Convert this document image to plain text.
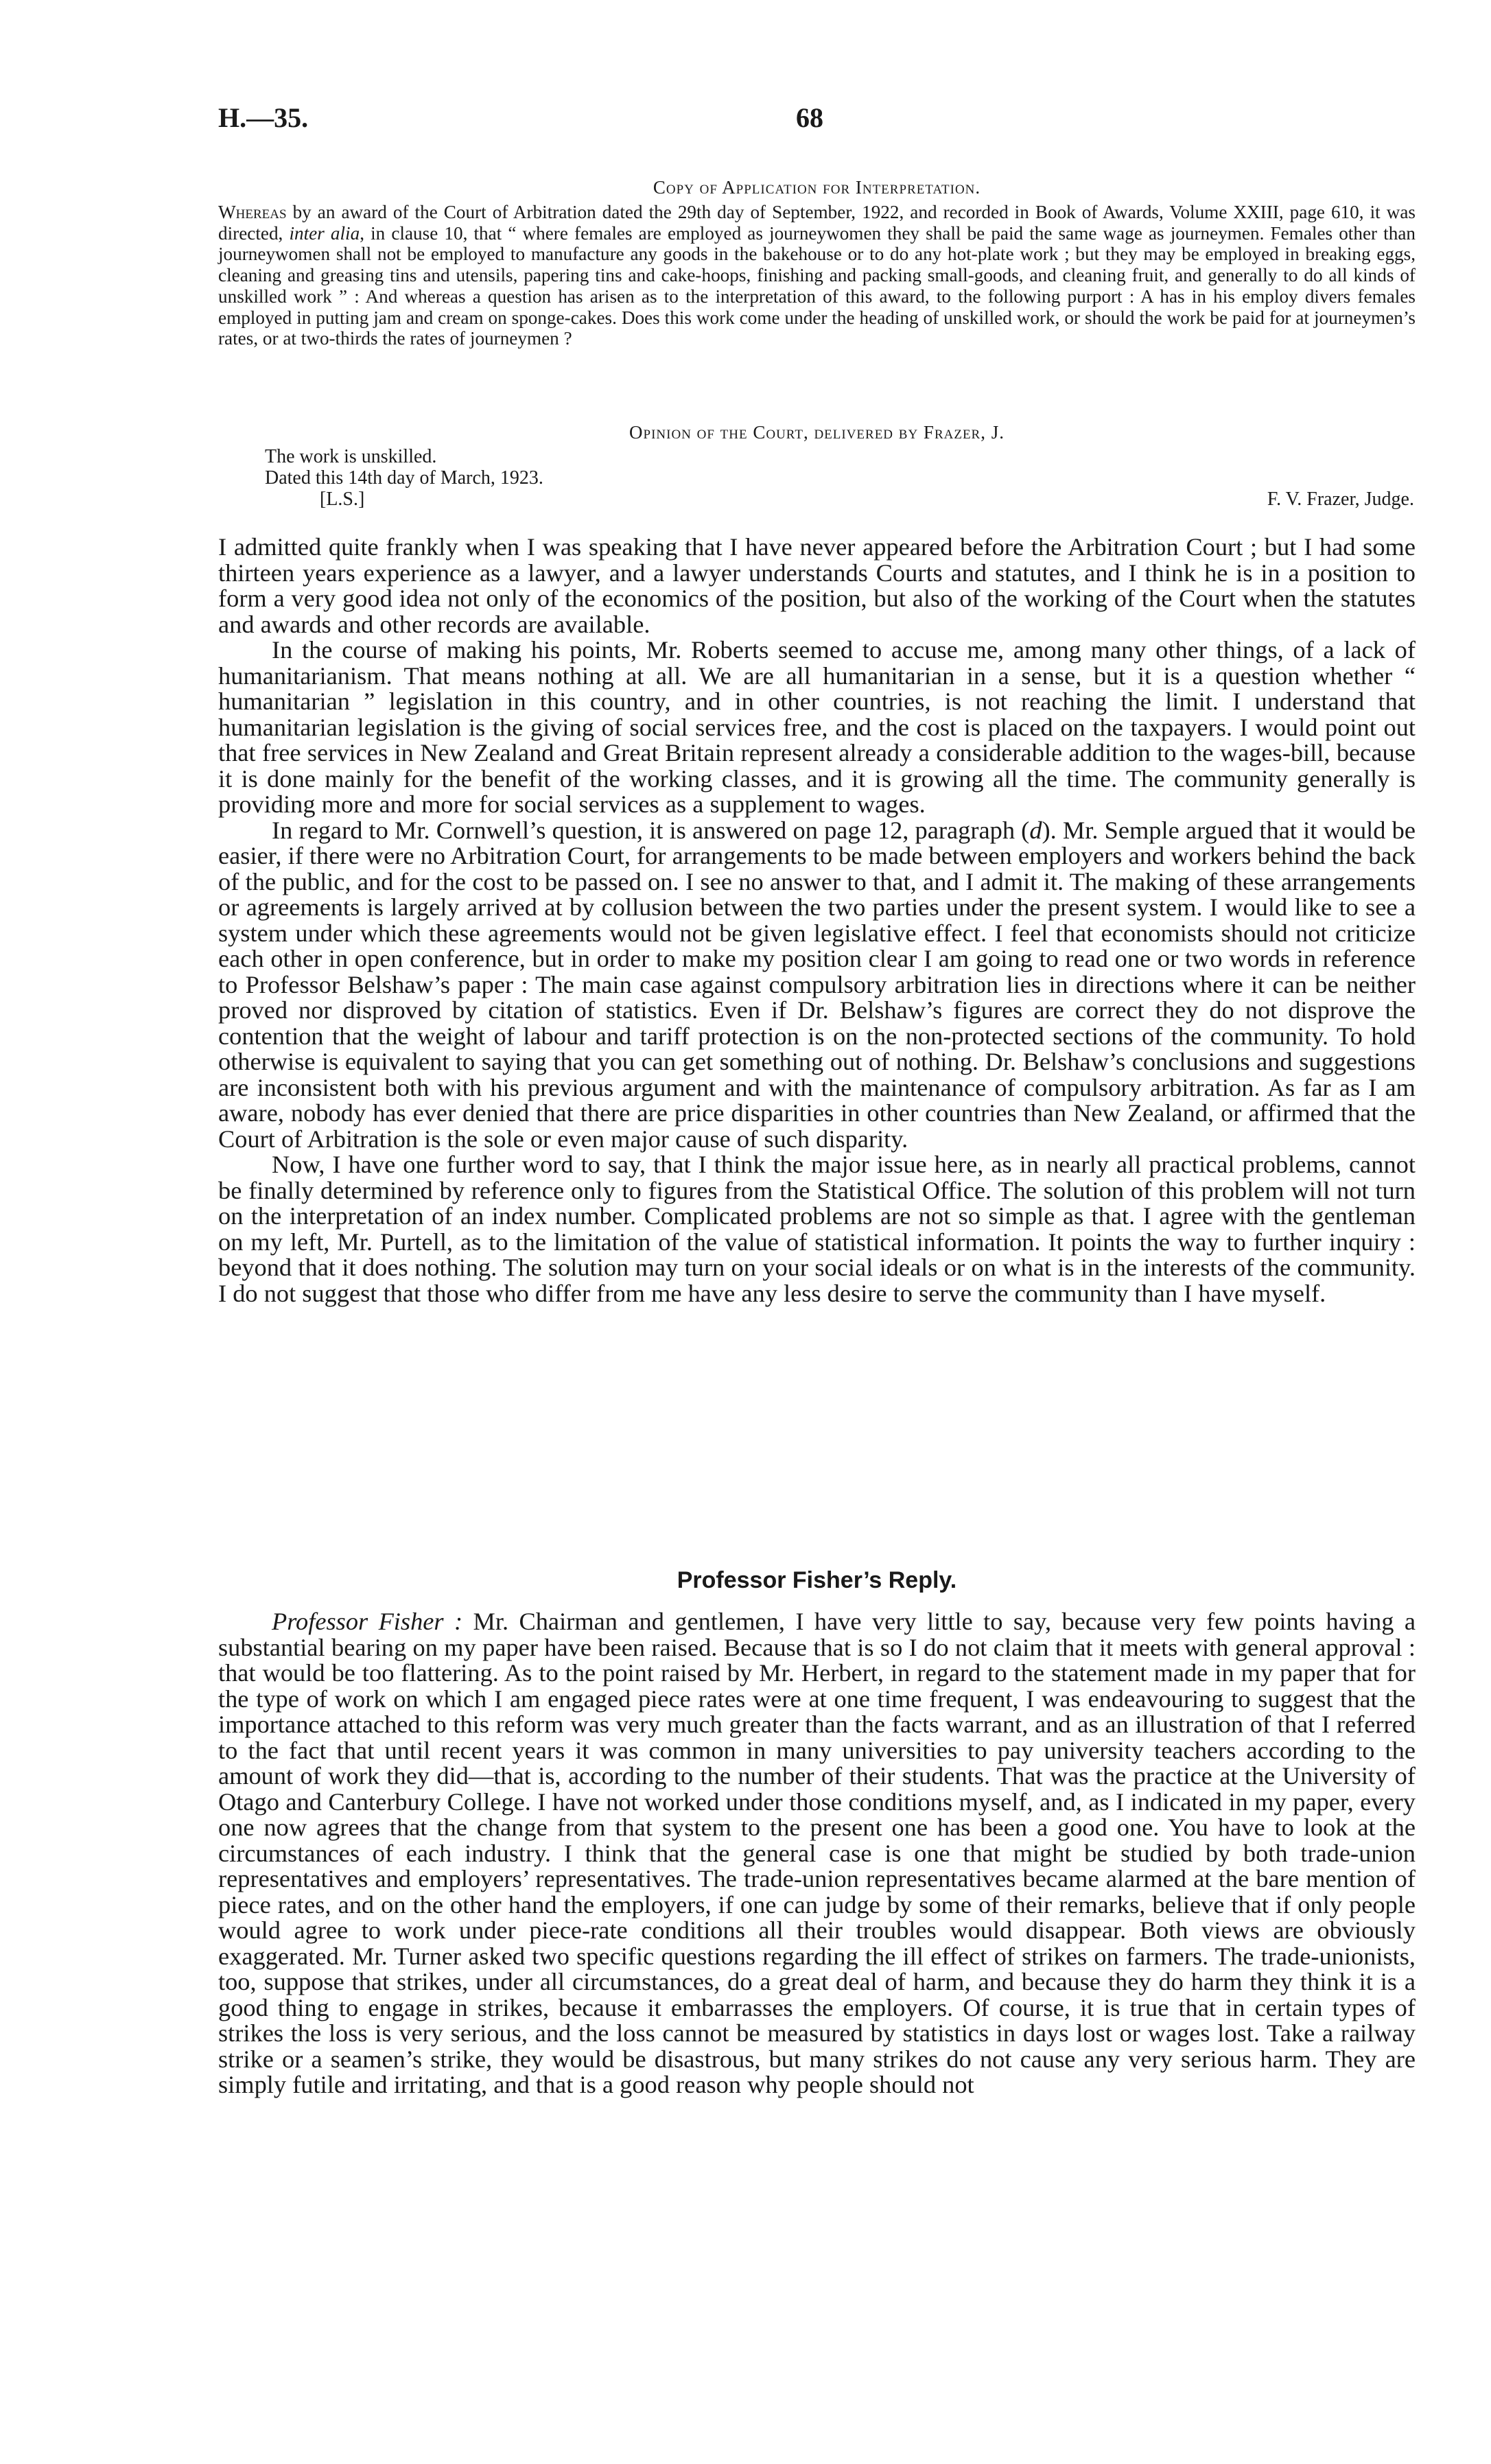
H.—35.	68
Copy of Application for Interpretation.
Whereas by an award of the Court of Arbitration dated the 29th day of September, 1922, and recorded in Book of Awards, Volume XXIII, page 610, it was directed, inter alia, in clause 10, that “ where females are employed as journeywomen they shall be paid the same wage as journeymen. Females other than journeywomen shall not be employed to manufacture any goods in the bakehouse or to do any hot-plate work ; but they may be employed in breaking eggs, cleaning and greasing tins and utensils, papering tins and cake-hoops, finishing and packing small-goods, and cleaning fruit, and generally to do all kinds of unskilled work ” : And whereas a question has arisen as to the interpretation of this award, to the following purport : A has in his employ divers females employed in putting jam and cream on sponge-cakes. Does this work come under the heading of unskilled work, or should the work be paid for at journeymen’s rates, or at two-thirds the rates of journeymen ?
Opinion of the Court, delivered by Frazer, J.
The work is unskilled.
Dated this 14th day of March, 1923.
[L.S.]	F. V. Frazer, Judge.

I admitted quite frankly when I was speaking that I have never appeared before the Arbitration Court ; but I had some thirteen years experience as a lawyer, and a lawyer understands Courts and statutes, and I think he is in a position to form a very good idea not only of the economics of the position, but also of the working of the Court when the statutes and awards and other records are available.

In the course of making his points, Mr. Roberts seemed to accuse me, among many other things, of a lack of humanitarianism. That means nothing at all. We are all humanitarian in a sense, but it is a question whether “ humanitarian ” legislation in this country, and in other countries, is not reaching the limit. I understand that humanitarian legislation is the giving of social services free, and the cost is placed on the taxpayers. I would point out that free services in New Zealand and Great Britain represent already a considerable addition to the wages-bill, because it is done mainly for the benefit of the working classes, and it is growing all the time. The community generally is providing more and more for social services as a supplement to wages.

In regard to Mr. Cornwell’s question, it is answered on page 12, paragraph (d). Mr. Semple argued that it would be easier, if there were no Arbitration Court, for arrangements to be made between employers and workers behind the back of the public, and for the cost to be passed on. I see no answer to that, and I admit it. The making of these arrangements or agreements is largely arrived at by collusion between the two parties under the present system. I would like to see a system under which these agreements would not be given legislative effect. I feel that economists should not criticize each other in open conference, but in order to make my position clear I am going to read one or two words in reference to Professor Belshaw’s paper : The main case against compulsory arbitration lies in directions where it can be neither proved nor disproved by citation of statistics. Even if Dr. Belshaw’s figures are correct they do not disprove the contention that the weight of labour and tariff protection is on the non-protected sections of the community. To hold otherwise is equivalent to saying that you can get something out of nothing. Dr. Belshaw’s conclusions and suggestions are inconsistent both with his previous argument and with the maintenance of compulsory arbitration. As far as I am aware, nobody has ever denied that there are price disparities in other countries than New Zealand, or affirmed that the Court of Arbitration is the sole or even major cause of such disparity.

Now, I have one further word to say, that I think the major issue here, as in nearly all practical problems, cannot be finally determined by reference only to figures from the Statistical Office. The solution of this problem will not turn on the interpretation of an index number. Complicated problems are not so simple as that. I agree with the gentleman on my left, Mr. Purtell, as to the limitation of the value of statistical information. It points the way to further inquiry : beyond that it does nothing. The solution may turn on your social ideals or on what is in the interests of the community. I do not suggest that those who differ from me have any less desire to serve the community than I have myself.

Professor Fisher’s Reply.

Professor Fisher : Mr. Chairman and gentlemen, I have very little to say, because very few points having a substantial bearing on my paper have been raised. Because that is so I do not claim that it meets with general approval : that would be too flattering. As to the point raised by Mr. Herbert, in regard to the statement made in my paper that for the type of work on which I am engaged piece rates were at one time frequent, I was endeavouring to suggest that the importance attached to this reform was very much greater than the facts warrant, and as an illustration of that I referred to the fact that until recent years it was common in many universities to pay university teachers according to the amount of work they did—that is, according to the number of their students. That was the practice at the University of Otago and Canterbury College. I have not worked under those conditions myself, and, as I indicated in my paper, every one now agrees that the change from that system to the present one has been a good one. You have to look at the circumstances of each industry. I think that the general case is one that might be studied by both trade-union representatives and employers’ representatives. The trade-union representatives became alarmed at the bare mention of piece rates, and on the other hand the employers, if one can judge by some of their remarks, believe that if only people would agree to work under piece-rate conditions all their troubles would disappear. Both views are obviously exaggerated. Mr. Turner asked two specific questions regarding the ill effect of strikes on farmers. The trade-unionists, too, suppose that strikes, under all circumstances, do a great deal of harm, and because they do harm they think it is a good thing to engage in strikes, because it embarrasses the employers. Of course, it is true that in certain types of strikes the loss is very serious, and the loss cannot be measured by statistics in days lost or wages lost. Take a railway strike or a seamen’s strike, they would be disastrous, but many strikes do not cause any very serious harm. They are simply futile and irritating, and that is a good reason why people should not
